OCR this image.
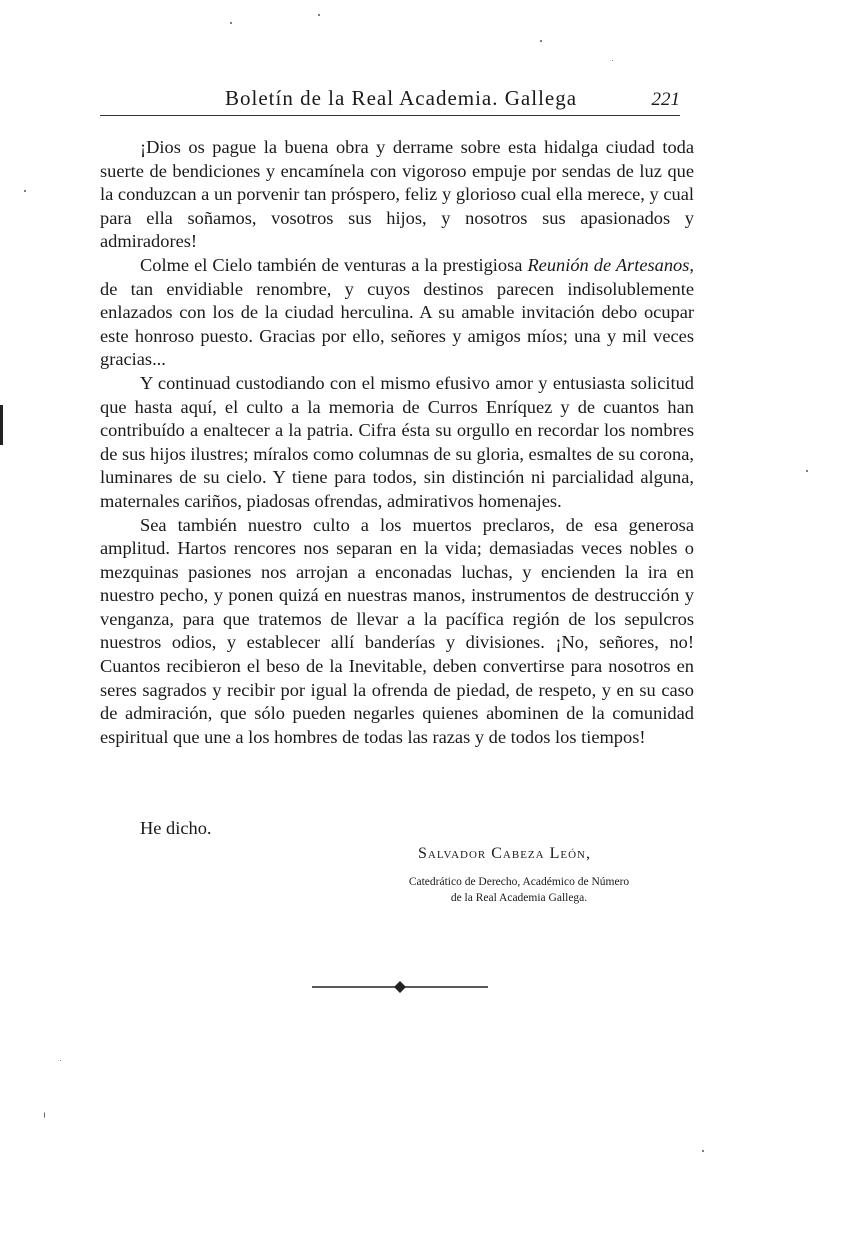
Boletín de la Real Academia. Gallega	221

¡Dios os pague la buena obra y derrame sobre esta hidalga ciudad toda suerte de bendiciones y encamínela con vigoroso empuje por sendas de luz que la conduzcan a un porvenir tan próspero, feliz y glorioso cual ella merece, y cual para ella soñamos, vosotros sus hijos, y nosotros sus apasionados y admiradores!

Colme el Cielo también de venturas a la prestigiosa Reunión de Artesanos, de tan envidiable renombre, y cuyos destinos parecen indisolublemente enlazados con los de la ciudad herculina. A su amable invitación debo ocupar este honroso puesto. Gracias por ello, señores y amigos míos; una y mil veces gracias...

Y continuad custodiando con el mismo efusivo amor y entusiasta solicitud que hasta aquí, el culto a la memoria de Curros Enríquez y de cuantos han contribuído a enaltecer a la patria. Cifra ésta su orgullo en recordar los nombres de sus hijos ilustres; míralos como columnas de su gloria, esmaltes de su corona, luminares de su cielo. Y tiene para todos, sin distinción ni parcialidad alguna, maternales cariños, piadosas ofrendas, admirativos homenajes.

Sea también nuestro culto a los muertos preclaros, de esa generosa amplitud. Hartos rencores nos separan en la vida; demasiadas veces nobles o mezquinas pasiones nos arrojan a enconadas luchas, y encienden la ira en nuestro pecho, y ponen quizá en nuestras manos, instrumentos de destrucción y venganza, para que tratemos de llevar a la pacífica región de los sepulcros nuestros odios, y establecer allí banderías y divisiones. ¡No, señores, no! Cuantos recibieron el beso de la Inevitable, deben convertirse para nosotros en seres sagrados y recibir por igual la ofrenda de piedad, de respeto, y en su caso de admiración, que sólo pueden negarles quienes abominen de la comunidad espiritual que une a los hombres de todas las razas y de todos los tiempos!

He dicho.
Salvador Cabeza León,
Catedrático de Derecho, Académico de Número
de la Real Academia Gallega.
